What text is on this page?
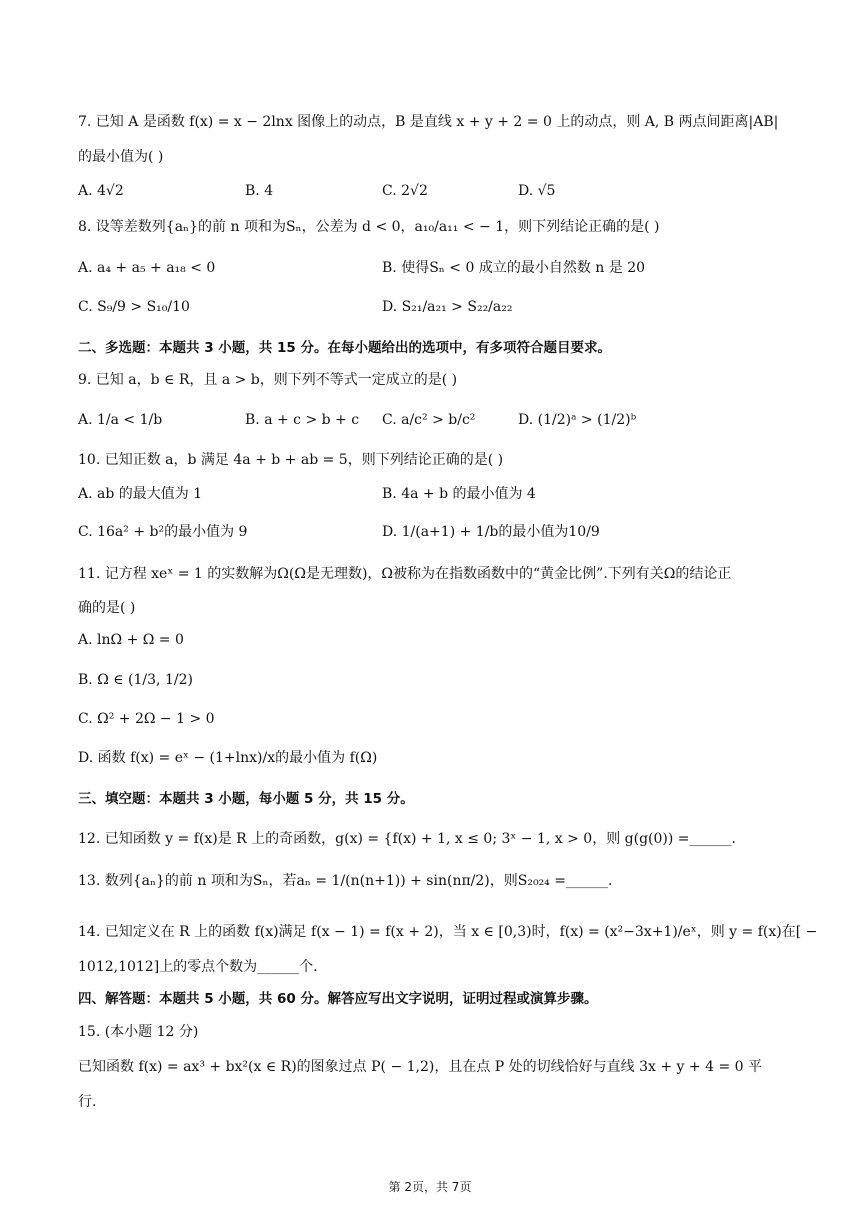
7. 已知 A 是函数 f(x) = x − 2lnx 图像上的动点，B 是直线 x + y + 2 = 0 上的动点，则 A, B 两点间距离|AB|
的最小值为( )
A. 4√2	B. 4	C. 2√2	D. √5
8. 设等差数列{aₙ}的前 n 项和为Sₙ，公差为 d < 0，a₁₀/a₁₁ < − 1，则下列结论正确的是( )
A. a₄ + a₅ + a₁₈ < 0	B. 使得Sₙ < 0 成立的最小自然数 n 是 20
C. S₉/9 > S₁₀/10	D. S₂₁/a₂₁ > S₂₂/a₂₂
二、多选题：本题共 3 小题，共 15 分。在每小题给出的选项中，有多项符合题目要求。
9. 已知 a，b ∈ R，且 a > b，则下列不等式一定成立的是( )
A. 1/a < 1/b	B. a + c > b + c C. a/c² > b/c²	D. (1/2)ᵃ > (1/2)ᵇ
10. 已知正数 a，b 满足 4a + b + ab = 5，则下列结论正确的是( )
A. ab 的最大值为 1	B. 4a + b 的最小值为 4
C. 16a² + b²的最小值为 9	D. 1/(a+1) + 1/b的最小值为10/9
11. 记方程 xeˣ = 1 的实数解为Ω(Ω是无理数)，Ω被称为在指数函数中的“黄金比例”.下列有关Ω的结论正
确的是( )
A. lnΩ + Ω = 0
B. Ω ∈ (1/3, 1/2)
C. Ω² + 2Ω − 1 > 0
D. 函数 f(x) = eˣ − (1+lnx)/x的最小值为 f(Ω)
三、填空题：本题共 3 小题，每小题 5 分，共 15 分。
12. 已知函数 y = f(x)是 R 上的奇函数，g(x) = {f(x) + 1, x ≤ 0; 3ˣ − 1, x > 0，则 g(g(0)) =______.
13. 数列{aₙ}的前 n 项和为Sₙ，若aₙ = 1/(n(n+1)) + sin(nπ/2)，则S₂₀₂₄ =______.
14. 已知定义在 R 上的函数 f(x)满足 f(x − 1) = f(x + 2)，当 x ∈ [0,3)时，f(x) = (x²−3x+1)/eˣ，则 y = f(x)在[ −
1012,1012]上的零点个数为______个.
四、解答题：本题共 5 小题，共 60 分。解答应写出文字说明，证明过程或演算步骤。
15. (本小题 12 分)
已知函数 f(x) = ax³ + bx²(x ∈ R)的图象过点 P( − 1,2)，且在点 P 处的切线恰好与直线 3x + y + 4 = 0 平
行.
第 2页，共 7页
